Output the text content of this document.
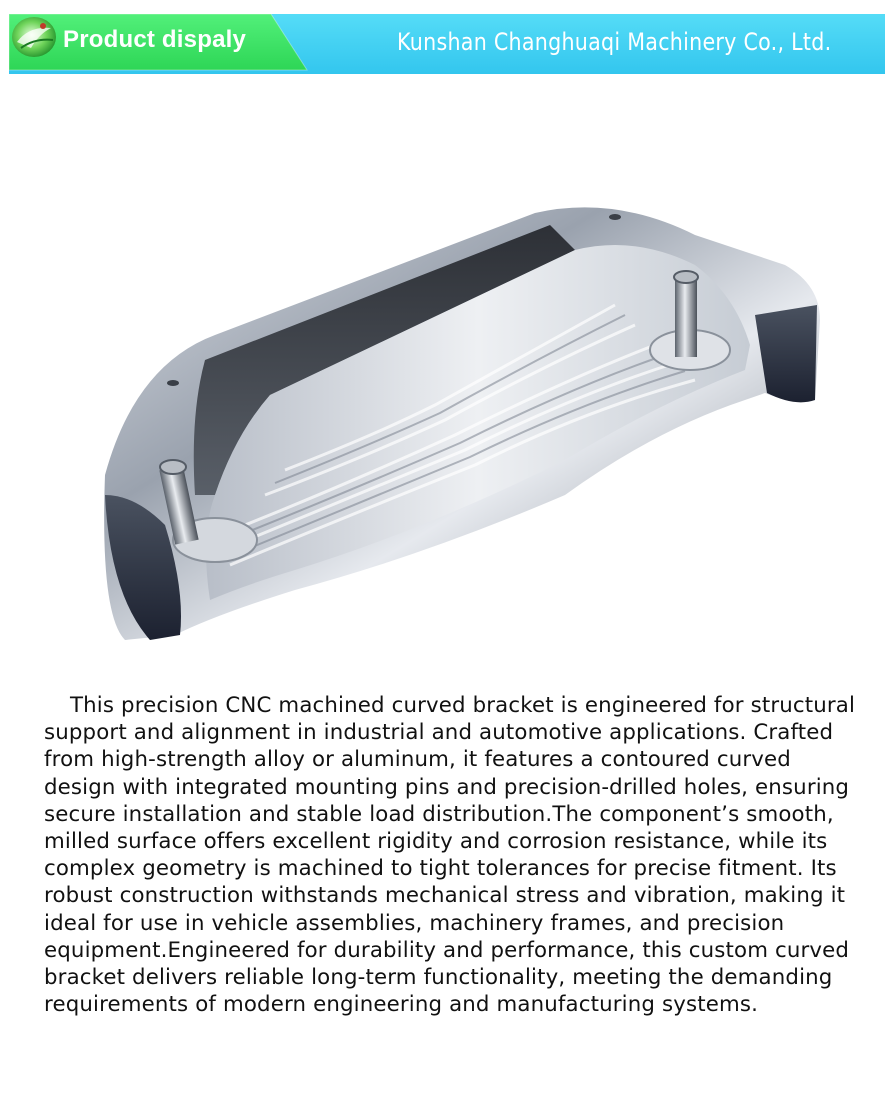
Product dispaly	Kunshan Changhuaqi Machinery Co., Ltd.

This precision CNC machined curved bracket is engineered for structural support and alignment in industrial and automotive applications. Crafted from high-strength alloy or aluminum, it features a contoured curved design with integrated mounting pins and precision-drilled holes, ensuring secure installation and stable load distribution.The component’s smooth, milled surface offers excellent rigidity and corrosion resistance, while its complex geometry is machined to tight tolerances for precise fitment. Its robust construction withstands mechanical stress and vibration, making it ideal for use in vehicle assemblies, machinery frames, and precision equipment.Engineered for durability and performance, this custom curved bracket delivers reliable long-term functionality, meeting the demanding requirements of modern engineering and manufacturing systems.
